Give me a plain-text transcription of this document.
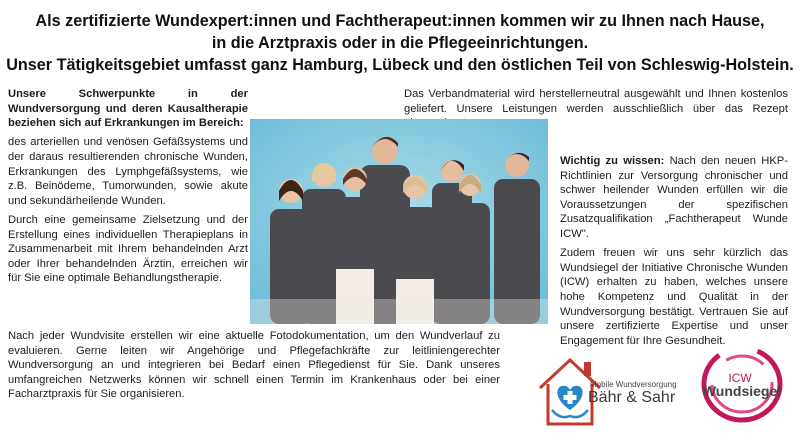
Als zertifizierte Wundexpert:innen und Fachtherapeut:innen kommen wir zu Ihnen nach Hause,
in die Arztpraxis oder in die Pflegeeinrichtungen.
Unser Tätigkeitsgebiet umfasst ganz Hamburg, Lübeck und den östlichen Teil von Schleswig-Holstein.

Unsere Schwerpunkte in der Wundversorgung und deren Kausaltherapie beziehen sich auf Erkrankungen im Bereich:

des arteriellen und venösen Gefäßsystems und der daraus resultierenden chronische Wunden, Erkrankungen des Lymphgefäßsystems, wie z.B. Beinödeme, Tumorwunden, sowie akute und sekundärheilende Wunden.

Durch eine gemeinsame Zielsetzung und der Erstellung eines individuellen Therapieplans in Zusammenarbeit mit Ihrem behandelnden Arzt oder Ihrer behandelnden Ärztin, erreichen wir für Sie eine optimale Behandlungstherapie.

Nach jeder Wundvisite erstellen wir eine aktuelle Fotodokumentation, um den Wundverlauf zu evaluieren. Gerne leiten wir Angehörige und Pflegefachkräfte zur leitliniengerechter Wundversorgung an und integrieren bei Bedarf einen Pflegedienst für Sie. Dank unseres umfangreichen Netzwerks können wir schnell einen Termin im Krankenhaus oder bei einer Facharztpraxis für Sie organisieren.

Das Verbandmaterial wird herstellerneutral ausgewählt und Ihnen kostenlos geliefert. Unsere Leistungen werden ausschließlich über das Rezept

Wichtig zu wissen: Nach den neuen HKP-Richtlinien zur Versorgung chronischer und schwer heilender Wunden erfüllen wir die Voraussetzungen der spezifischen Zusatzqualifikation „Fachtherapeut Wunde ICW".

Zudem freuen wir uns sehr kürzlich das Wundsiegel der Initiative Chronische Wunden (ICW) erhalten zu haben, welches unsere hohe Kompetenz und Qualität in der Wundversorgung bestätigt. Vertrauen Sie auf unsere zertifizierte Expertise und unser Engagement für Ihre Gesundheit.

Mobile Wundversorgung
Bähr & Sahr
ICW
Wundsiegel
